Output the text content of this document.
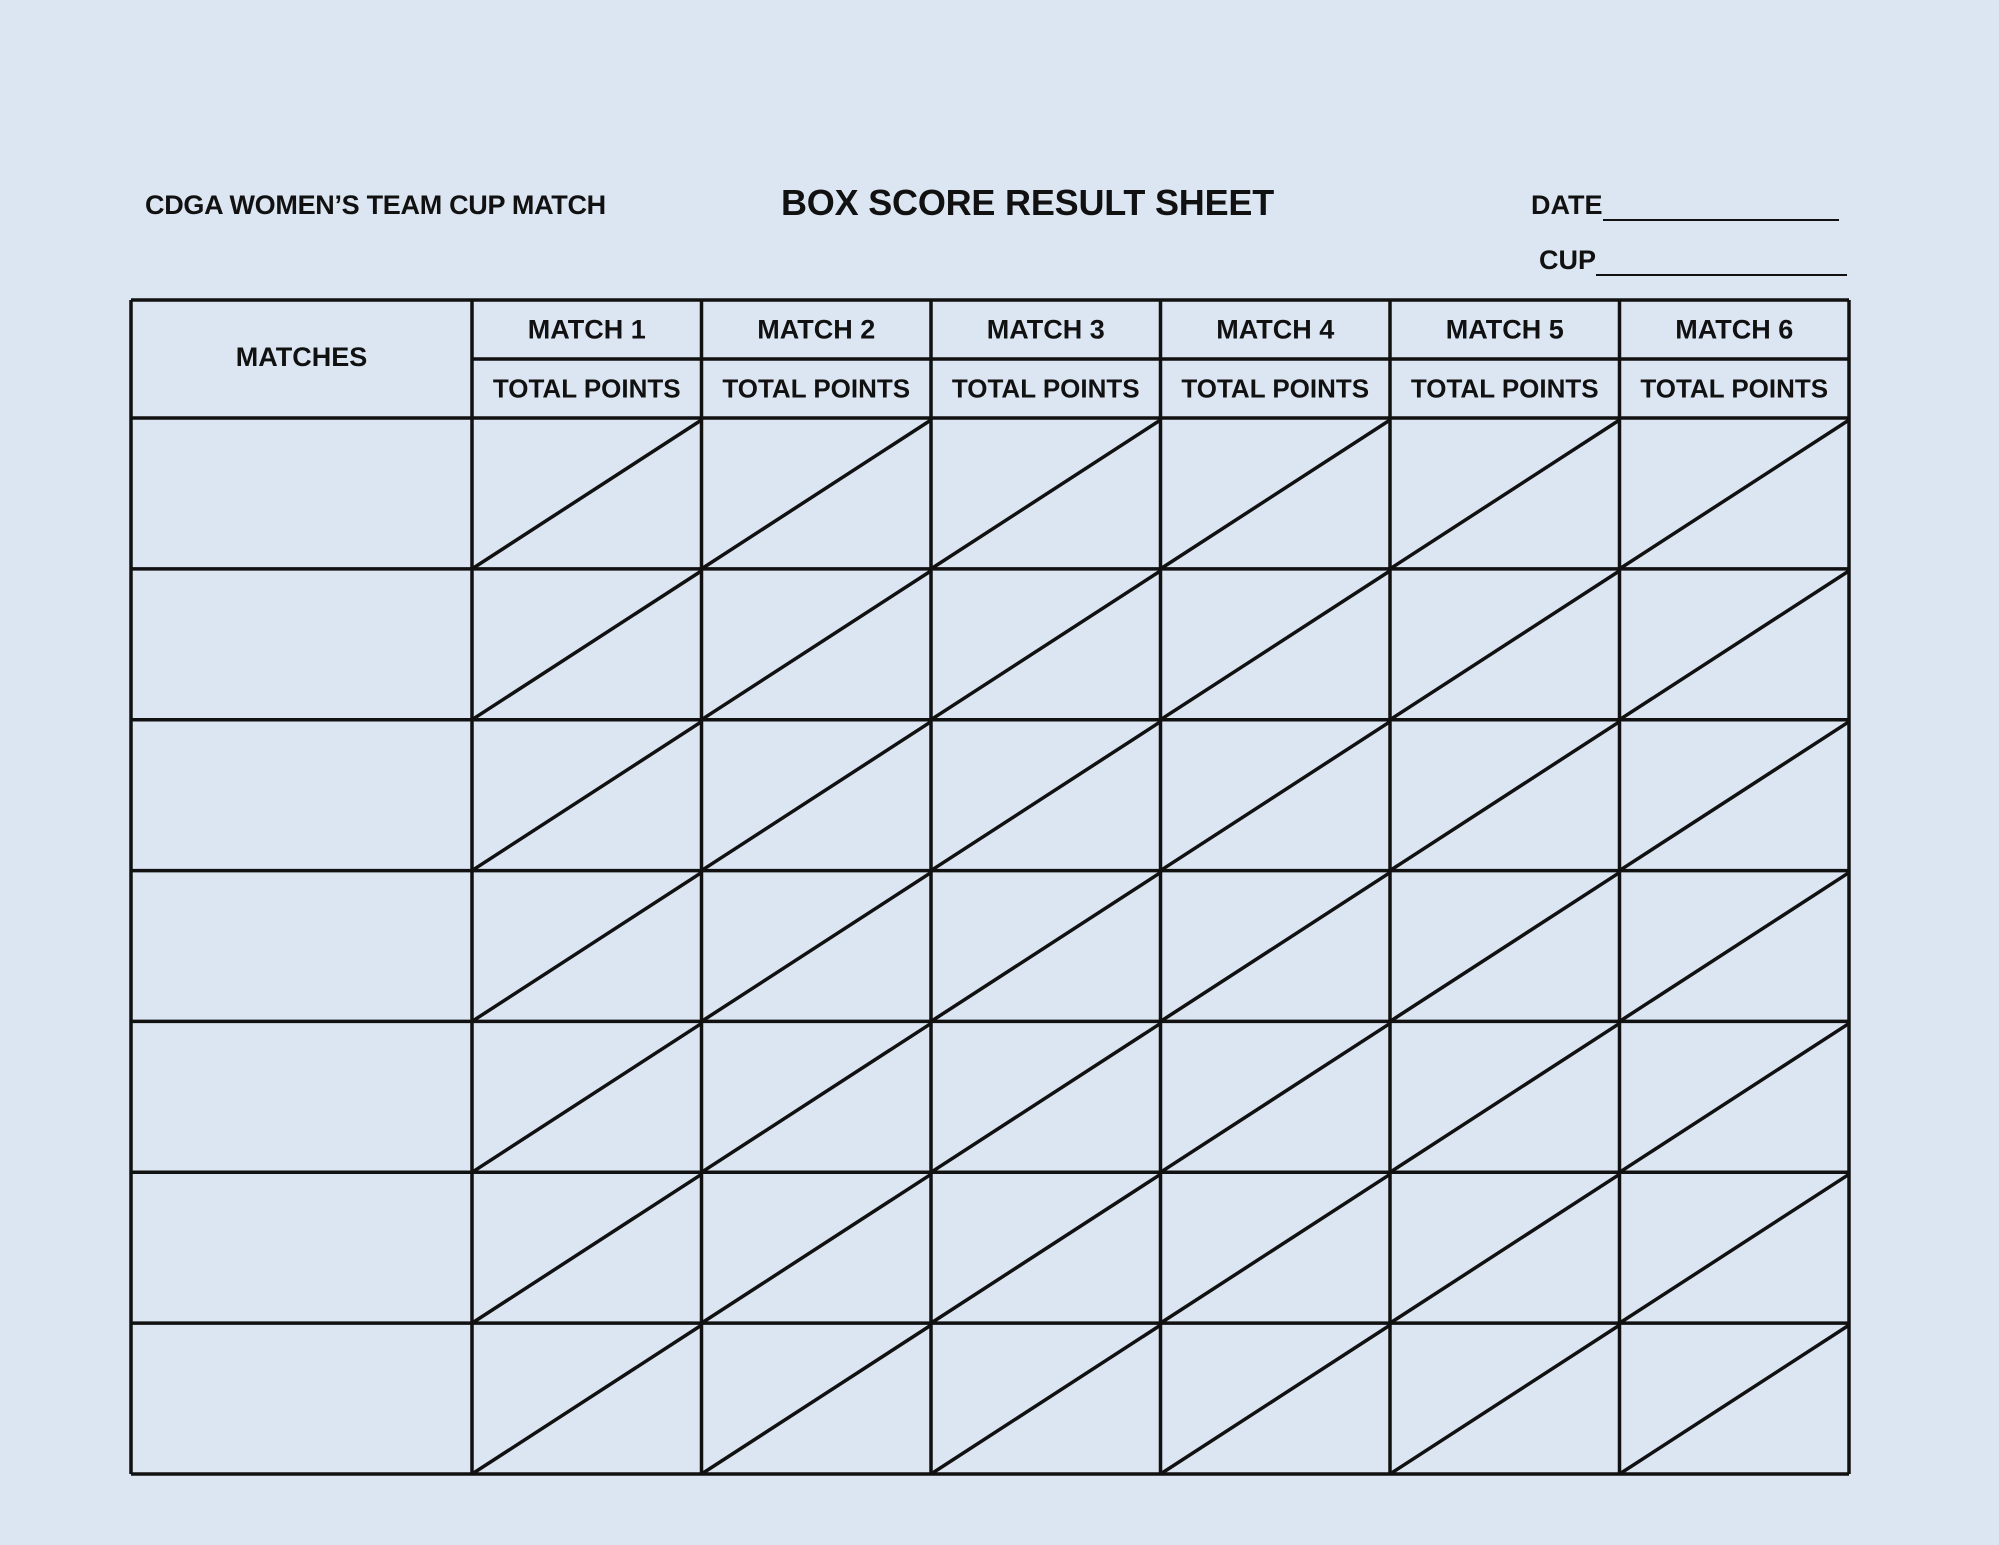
CDGA WOMEN’S TEAM CUP MATCH	BOX SCORE RESULT SHEET	DATE
CUP
MATCHES
MATCH 1
TOTAL POINTS
MATCH 2
TOTAL POINTS
MATCH 3
TOTAL POINTS
MATCH 4
TOTAL POINTS
MATCH 5
TOTAL POINTS
MATCH 6
TOTAL POINTS
